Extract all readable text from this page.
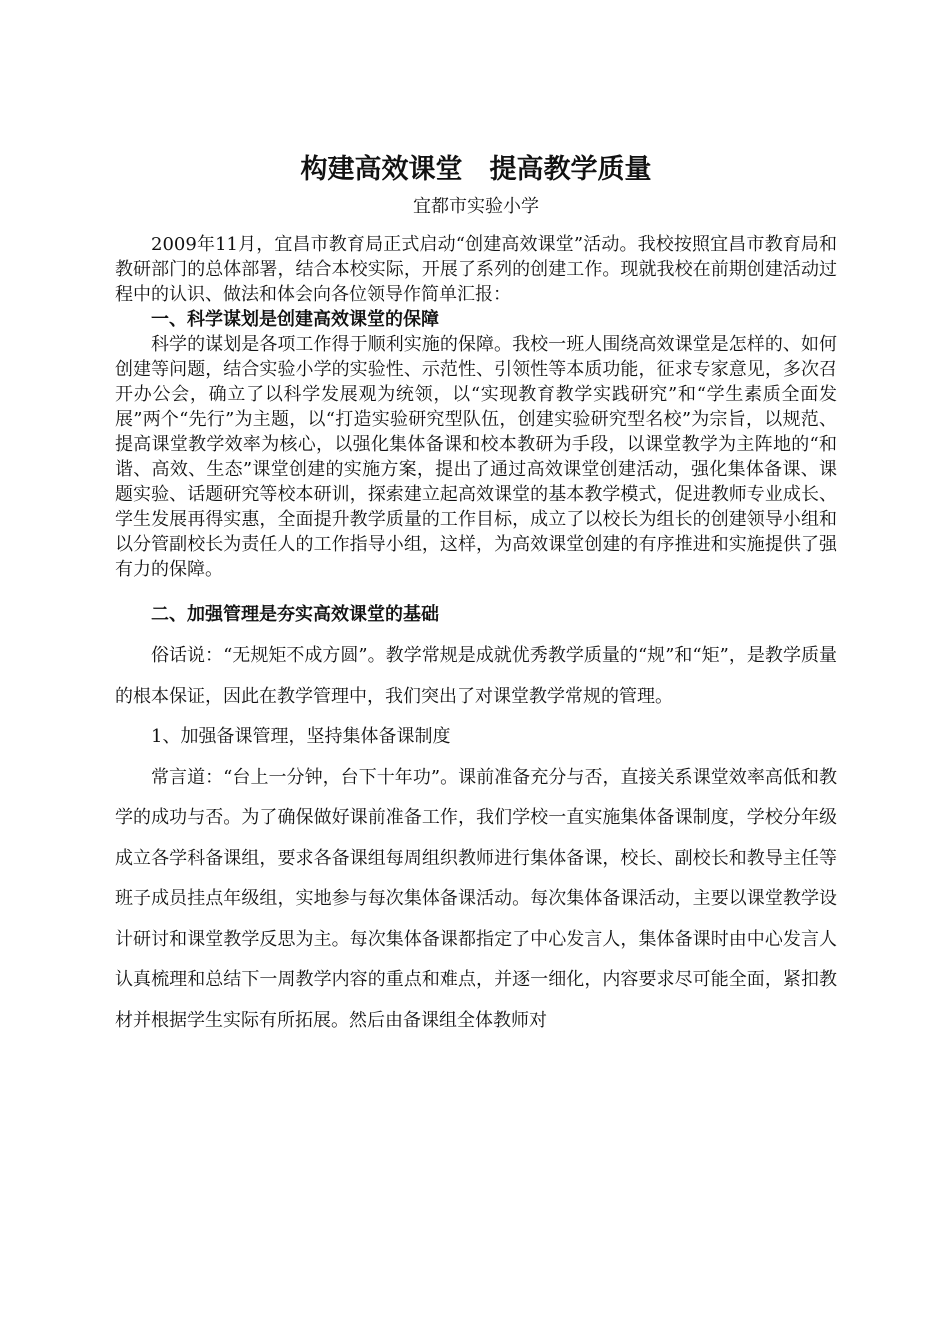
构建高效课堂　提高教学质量
宜都市实验小学

2009年11月，宜昌市教育局正式启动“创建高效课堂”活动。我校按照宜昌市教育局和教研部门的总体部署，结合本校实际，开展了系列的创建工作。现就我校在前期创建活动过程中的认识、做法和体会向各位领导作简单汇报：

一、科学谋划是创建高效课堂的保障

科学的谋划是各项工作得于顺利实施的保障。我校一班人围绕高效课堂是怎样的、如何创建等问题，结合实验小学的实验性、示范性、引领性等本质功能，征求专家意见，多次召开办公会，确立了以科学发展观为统领，以“实现教育教学实践研究”和“学生素质全面发展”两个“先行”为主题，以“打造实验研究型队伍，创建实验研究型名校”为宗旨，以规范、提高课堂教学效率为核心，以强化集体备课和校本教研为手段，以课堂教学为主阵地的“和谐、高效、生态”课堂创建的实施方案，提出了通过高效课堂创建活动，强化集体备课、课题实验、话题研究等校本研训，探索建立起高效课堂的基本教学模式，促进教师专业成长、学生发展再得实惠，全面提升教学质量的工作目标，成立了以校长为组长的创建领导小组和以分管副校长为责任人的工作指导小组，这样，为高效课堂创建的有序推进和实施提供了强有力的保障。

二、加强管理是夯实高效课堂的基础

俗话说：“无规矩不成方圆”。教学常规是成就优秀教学质量的“规”和“矩”，是教学质量的根本保证，因此在教学管理中，我们突出了对课堂教学常规的管理。

1、加强备课管理，坚持集体备课制度

常言道：“台上一分钟，台下十年功”。课前准备充分与否，直接关系课堂效率高低和教学的成功与否。为了确保做好课前准备工作，我们学校一直实施集体备课制度，学校分年级成立各学科备课组，要求各备课组每周组织教师进行集体备课，校长、副校长和教导主任等班子成员挂点年级组，实地参与每次集体备课活动。每次集体备课活动，主要以课堂教学设计研讨和课堂教学反思为主。每次集体备课都指定了中心发言人，集体备课时由中心发言人认真梳理和总结下一周教学内容的重点和难点，并逐一细化，内容要求尽可能全面，紧扣教材并根据学生实际有所拓展。然后由备课组全体教师对
